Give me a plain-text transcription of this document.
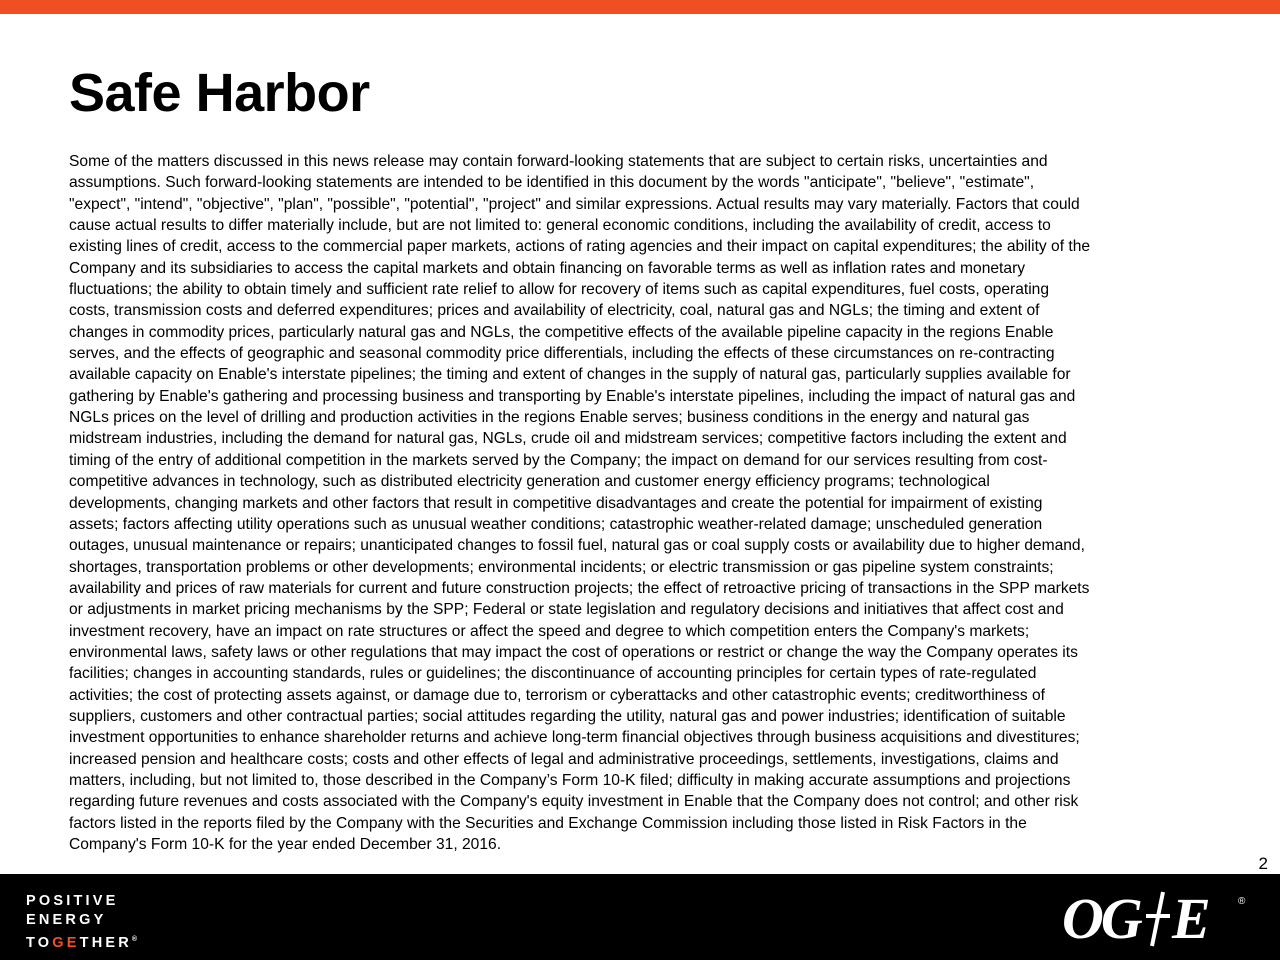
Safe Harbor
Some of the matters discussed in this news release may contain forward-looking statements that are subject to certain risks, uncertainties and
assumptions. Such forward-looking statements are intended to be identified in this document by the words "anticipate", "believe", "estimate",
"expect", "intend", "objective", "plan", "possible", "potential", "project" and similar expressions. Actual results may vary materially. Factors that could
cause actual results to differ materially include, but are not limited to: general economic conditions, including the availability of credit, access to
existing lines of credit, access to the commercial paper markets, actions of rating agencies and their impact on capital expenditures; the ability of the
Company and its subsidiaries to access the capital markets and obtain financing on favorable terms as well as inflation rates and monetary
fluctuations; the ability to obtain timely and sufficient rate relief to allow for recovery of items such as capital expenditures, fuel costs, operating
costs, transmission costs and deferred expenditures; prices and availability of electricity, coal, natural gas and NGLs; the timing and extent of
changes in commodity prices, particularly natural gas and NGLs, the competitive effects of the available pipeline capacity in the regions Enable
serves, and the effects of geographic and seasonal commodity price differentials, including the effects of these circumstances on re-contracting
available capacity on Enable's interstate pipelines; the timing and extent of changes in the supply of natural gas, particularly supplies available for
gathering by Enable's gathering and processing business and transporting by Enable's interstate pipelines, including the impact of natural gas and
NGLs prices on the level of drilling and production activities in the regions Enable serves; business conditions in the energy and natural gas
midstream industries, including the demand for natural gas, NGLs, crude oil and midstream services; competitive factors including the extent and
timing of the entry of additional competition in the markets served by the Company; the impact on demand for our services resulting from cost-
competitive advances in technology, such as distributed electricity generation and customer energy efficiency programs; technological
developments, changing markets and other factors that result in competitive disadvantages and create the potential for impairment of existing
assets; factors affecting utility operations such as unusual weather conditions; catastrophic weather-related damage; unscheduled generation
outages, unusual maintenance or repairs; unanticipated changes to fossil fuel, natural gas or coal supply costs or availability due to higher demand,
shortages, transportation problems or other developments; environmental incidents; or electric transmission or gas pipeline system constraints;
availability and prices of raw materials for current and future construction projects; the effect of retroactive pricing of transactions in the SPP markets
or adjustments in market pricing mechanisms by the SPP; Federal or state legislation and regulatory decisions and initiatives that affect cost and
investment recovery, have an impact on rate structures or affect the speed and degree to which competition enters the Company's markets;
environmental laws, safety laws or other regulations that may impact the cost of operations or restrict or change the way the Company operates its
facilities; changes in accounting standards, rules or guidelines; the discontinuance of accounting principles for certain types of rate-regulated
activities; the cost of protecting assets against, or damage due to, terrorism or cyberattacks and other catastrophic events; creditworthiness of
suppliers, customers and other contractual parties; social attitudes regarding the utility, natural gas and power industries; identification of suitable
investment opportunities to enhance shareholder returns and achieve long-term financial objectives through business acquisitions and divestitures;
increased pension and healthcare costs; costs and other effects of legal and administrative proceedings, settlements, investigations, claims and
matters, including, but not limited to, those described in the Company’s Form 10-K filed; difficulty in making accurate assumptions and projections
regarding future revenues and costs associated with the Company's equity investment in Enable that the Company does not control; and other risk
factors listed in the reports filed by the Company with the Securities and Exchange Commission including those listed in Risk Factors in the
Company's Form 10-K for the year ended December 31, 2016.
2
POSITIVE
ENERGY
TOGETHER®	OG E	®
